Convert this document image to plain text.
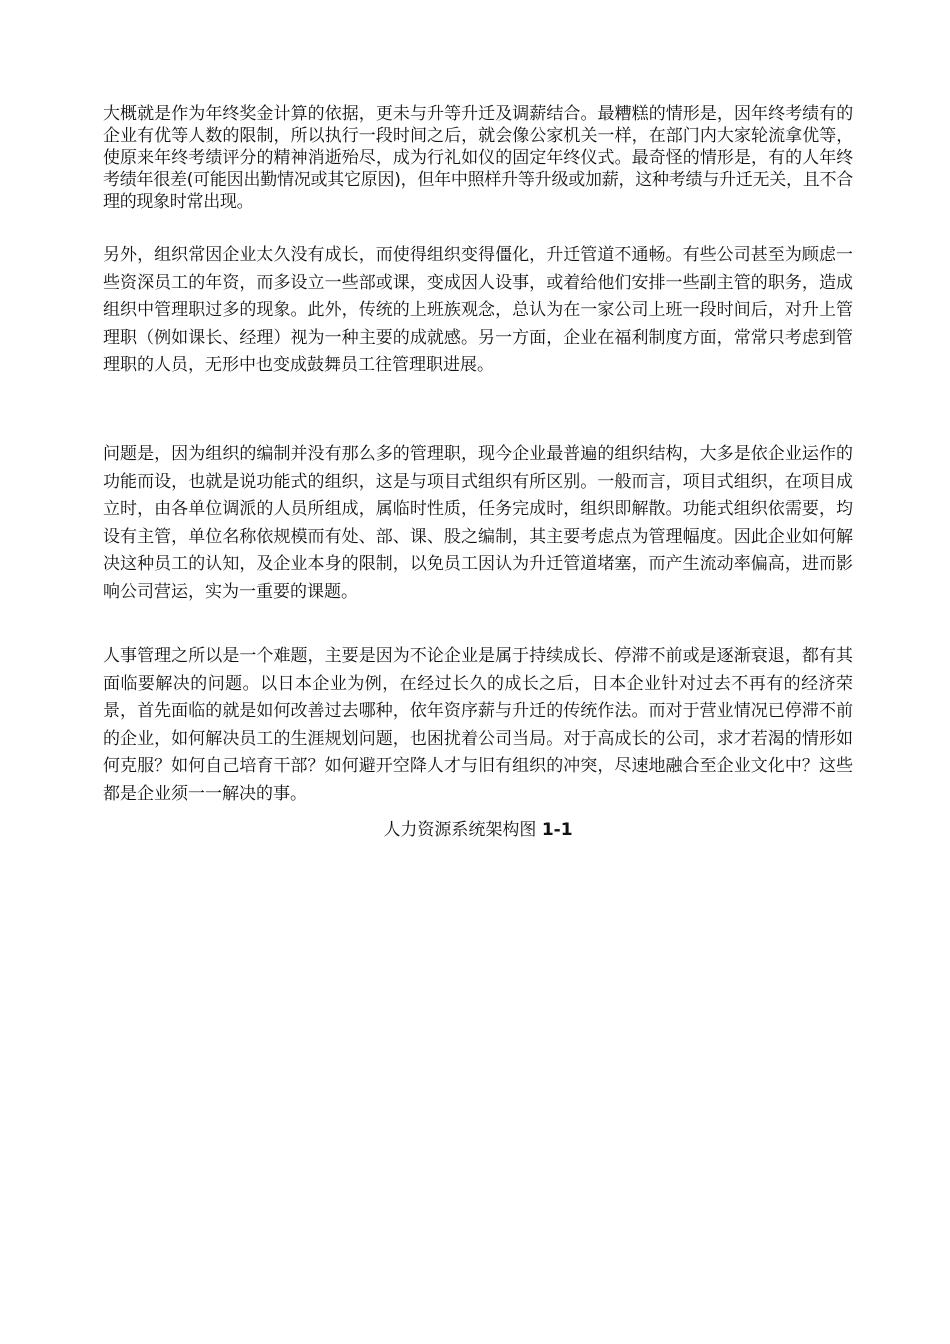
大概就是作为年终奖金计算的依据，更未与升等升迁及调薪结合。最糟糕的情形是，因年终考绩有的企业有优等人数的限制，所以执行一段时间之后，就会像公家机关一样，在部门内大家轮流拿优等，使原来年终考绩评分的精神消逝殆尽，成为行礼如仪的固定年终仪式。最奇怪的情形是，有的人年终考绩年很差(可能因出勤情况或其它原因)，但年中照样升等升级或加薪，这种考绩与升迁无关，且不合理的现象时常出现。

另外，组织常因企业太久没有成长，而使得组织变得僵化，升迁管道不通畅。有些公司甚至为顾虑一些资深员工的年资，而多设立一些部或课，变成因人设事，或着给他们安排一些副主管的职务，造成组织中管理职过多的现象。此外，传统的上班族观念，总认为在一家公司上班一段时间后，对升上管理职（例如课长、经理）视为一种主要的成就感。另一方面，企业在福利制度方面，常常只考虑到管理职的人员，无形中也变成鼓舞员工往管理职进展。

问题是，因为组织的编制并没有那么多的管理职，现今企业最普遍的组织结构，大多是依企业运作的功能而设，也就是说功能式的组织，这是与项目式组织有所区别。一般而言，项目式组织，在项目成立时，由各单位调派的人员所组成，属临时性质，任务完成时，组织即解散。功能式组织依需要，均设有主管，单位名称依规模而有处、部、课、股之编制，其主要考虑点为管理幅度。因此企业如何解决这种员工的认知，及企业本身的限制，以免员工因认为升迁管道堵塞，而产生流动率偏高，进而影响公司营运，实为一重要的课题。

人事管理之所以是一个难题，主要是因为不论企业是属于持续成长、停滞不前或是逐渐衰退，都有其面临要解决的问题。以日本企业为例，在经过长久的成长之后，日本企业针对过去不再有的经济荣景，首先面临的就是如何改善过去哪种，依年资序薪与升迁的传统作法。而对于营业情况已停滞不前的企业，如何解决员工的生涯规划问题，也困扰着公司当局。对于高成长的公司，求才若渴的情形如何克服？如何自己培育干部？如何避开空降人才与旧有组织的冲突，尽速地融合至企业文化中？这些都是企业须一一解决的事。

人力资源系统架构图 1-1
